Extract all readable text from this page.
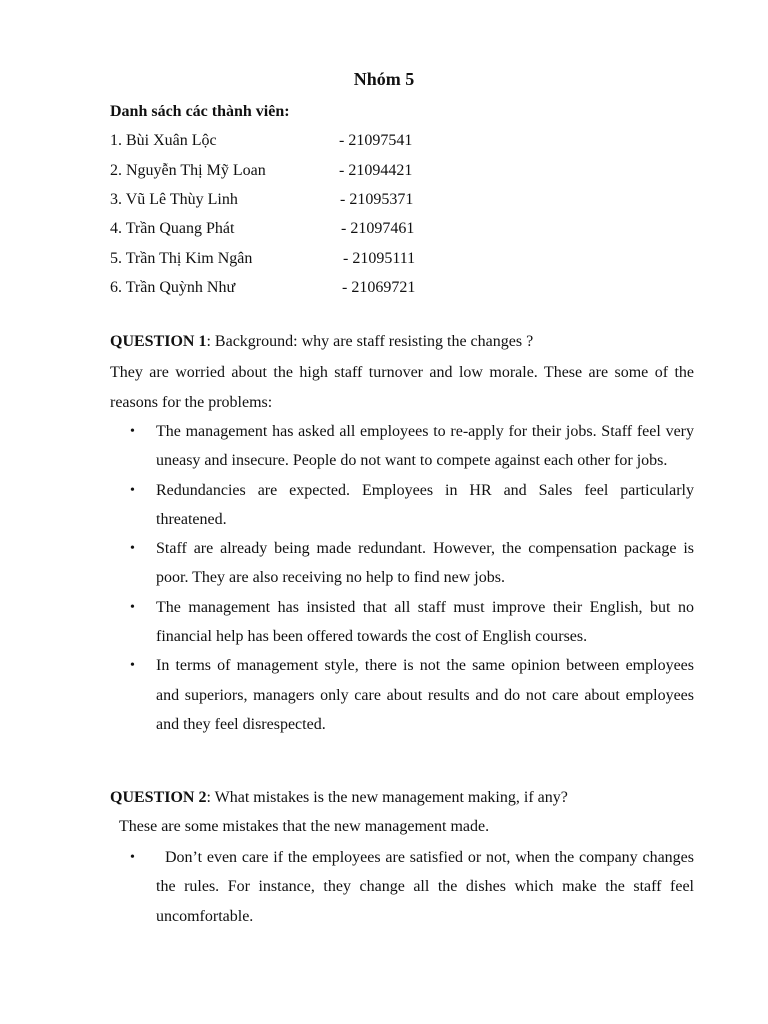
Nhóm 5
Danh sách các thành viên:
1. Bùi Xuân Lộc	- 21097541
2. Nguyễn Thị Mỹ Loan	- 21094421
3. Vũ Lê Thùy Linh	- 21095371
4. Trần Quang Phát	- 21097461
5. Trần Thị Kim Ngân	- 21095111
6. Trần Quỳnh Như	- 21069721
QUESTION 1: Background: why are staff resisting the changes ?
They are worried about the high staff turnover and low morale. These are some of the reasons for the problems:
• The management has asked all employees to re-apply for their jobs. Staff feel very uneasy and insecure. People do not want to compete against each other for jobs.
• Redundancies are expected. Employees in HR and Sales feel particularly threatened.
• Staff are already being made redundant. However, the compensation package is poor. They are also receiving no help to find new jobs.
• The management has insisted that all staff must improve their English, but no financial help has been offered towards the cost of English courses.
• In terms of management style, there is not the same opinion between employees and superiors, managers only care about results and do not care about employees and they feel disrespected.
QUESTION 2: What mistakes is the new management making, if any?
These are some mistakes that the new management made.
• Don’t even care if the employees are satisfied or not, when the company changes the rules. For instance, they change all the dishes which make the staff feel uncomfortable.
